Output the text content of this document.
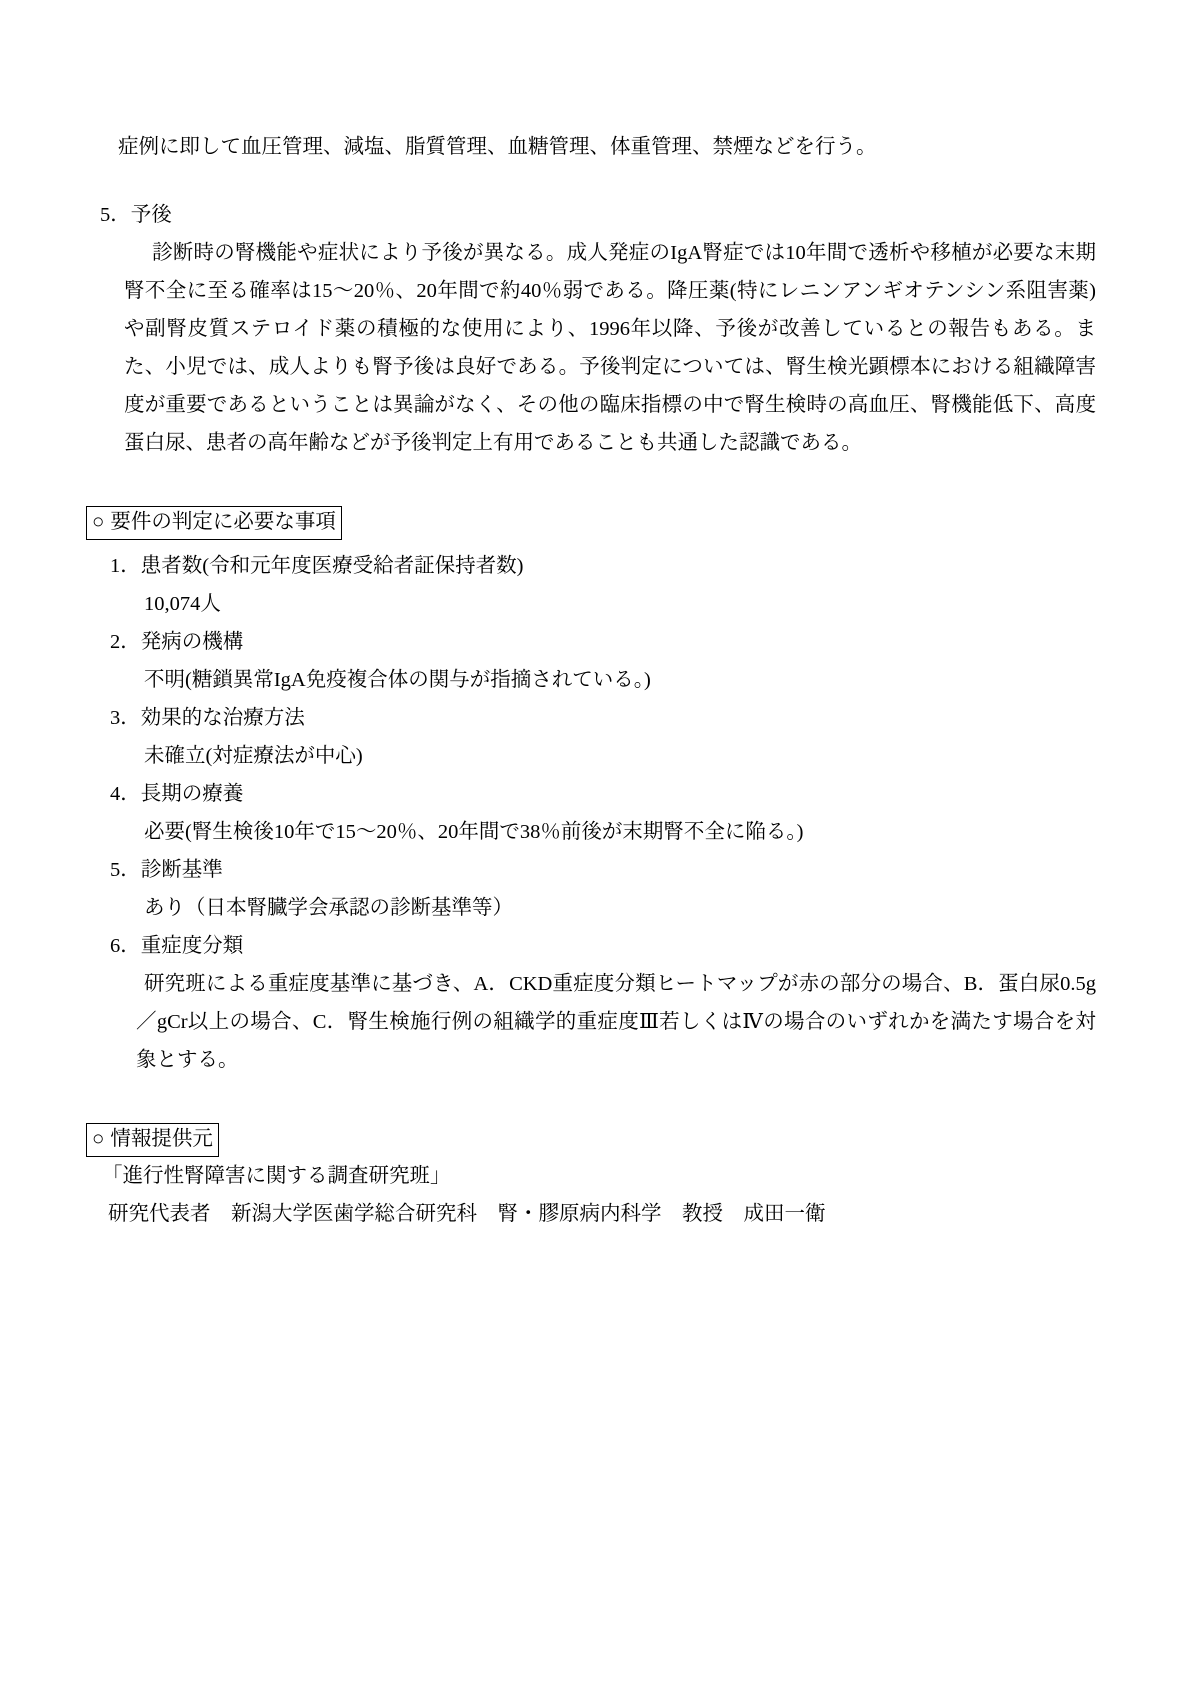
症例に即して血圧管理、減塩、脂質管理、血糖管理、体重管理、禁煙などを行う。
5．予後
診断時の腎機能や症状により予後が異なる。成人発症のIgA腎症では10年間で透析や移植が必要な末期腎不全に至る確率は15〜20％、20年間で約40％弱である。降圧薬(特にレニンアンギオテンシン系阻害薬)や副腎皮質ステロイド薬の積極的な使用により、1996年以降、予後が改善しているとの報告もある。また、小児では、成人よりも腎予後は良好である。予後判定については、腎生検光顕標本における組織障害度が重要であるということは異論がなく、その他の臨床指標の中で腎生検時の高血圧、腎機能低下、高度蛋白尿、患者の高年齢などが予後判定上有用であることも共通した認識である。
○ 要件の判定に必要な事項
1．患者数(令和元年度医療受給者証保持者数)
10,074人
2．発病の機構
不明(糖鎖異常IgA免疫複合体の関与が指摘されている。)
3．効果的な治療方法
未確立(対症療法が中心)
4．長期の療養
必要(腎生検後10年で15〜20％、20年間で38％前後が末期腎不全に陥る。)
5．診断基準
あり（日本腎臓学会承認の診断基準等）
6．重症度分類
研究班による重症度基準に基づき、A．CKD重症度分類ヒートマップが赤の部分の場合、B．蛋白尿0.5g／gCr以上の場合、C．腎生検施行例の組織学的重症度Ⅲ若しくはⅣの場合のいずれかを満たす場合を対象とする。
○ 情報提供元
「進行性腎障害に関する調査研究班」
研究代表者　新潟大学医歯学総合研究科　腎・膠原病内科学　教授　成田一衛
